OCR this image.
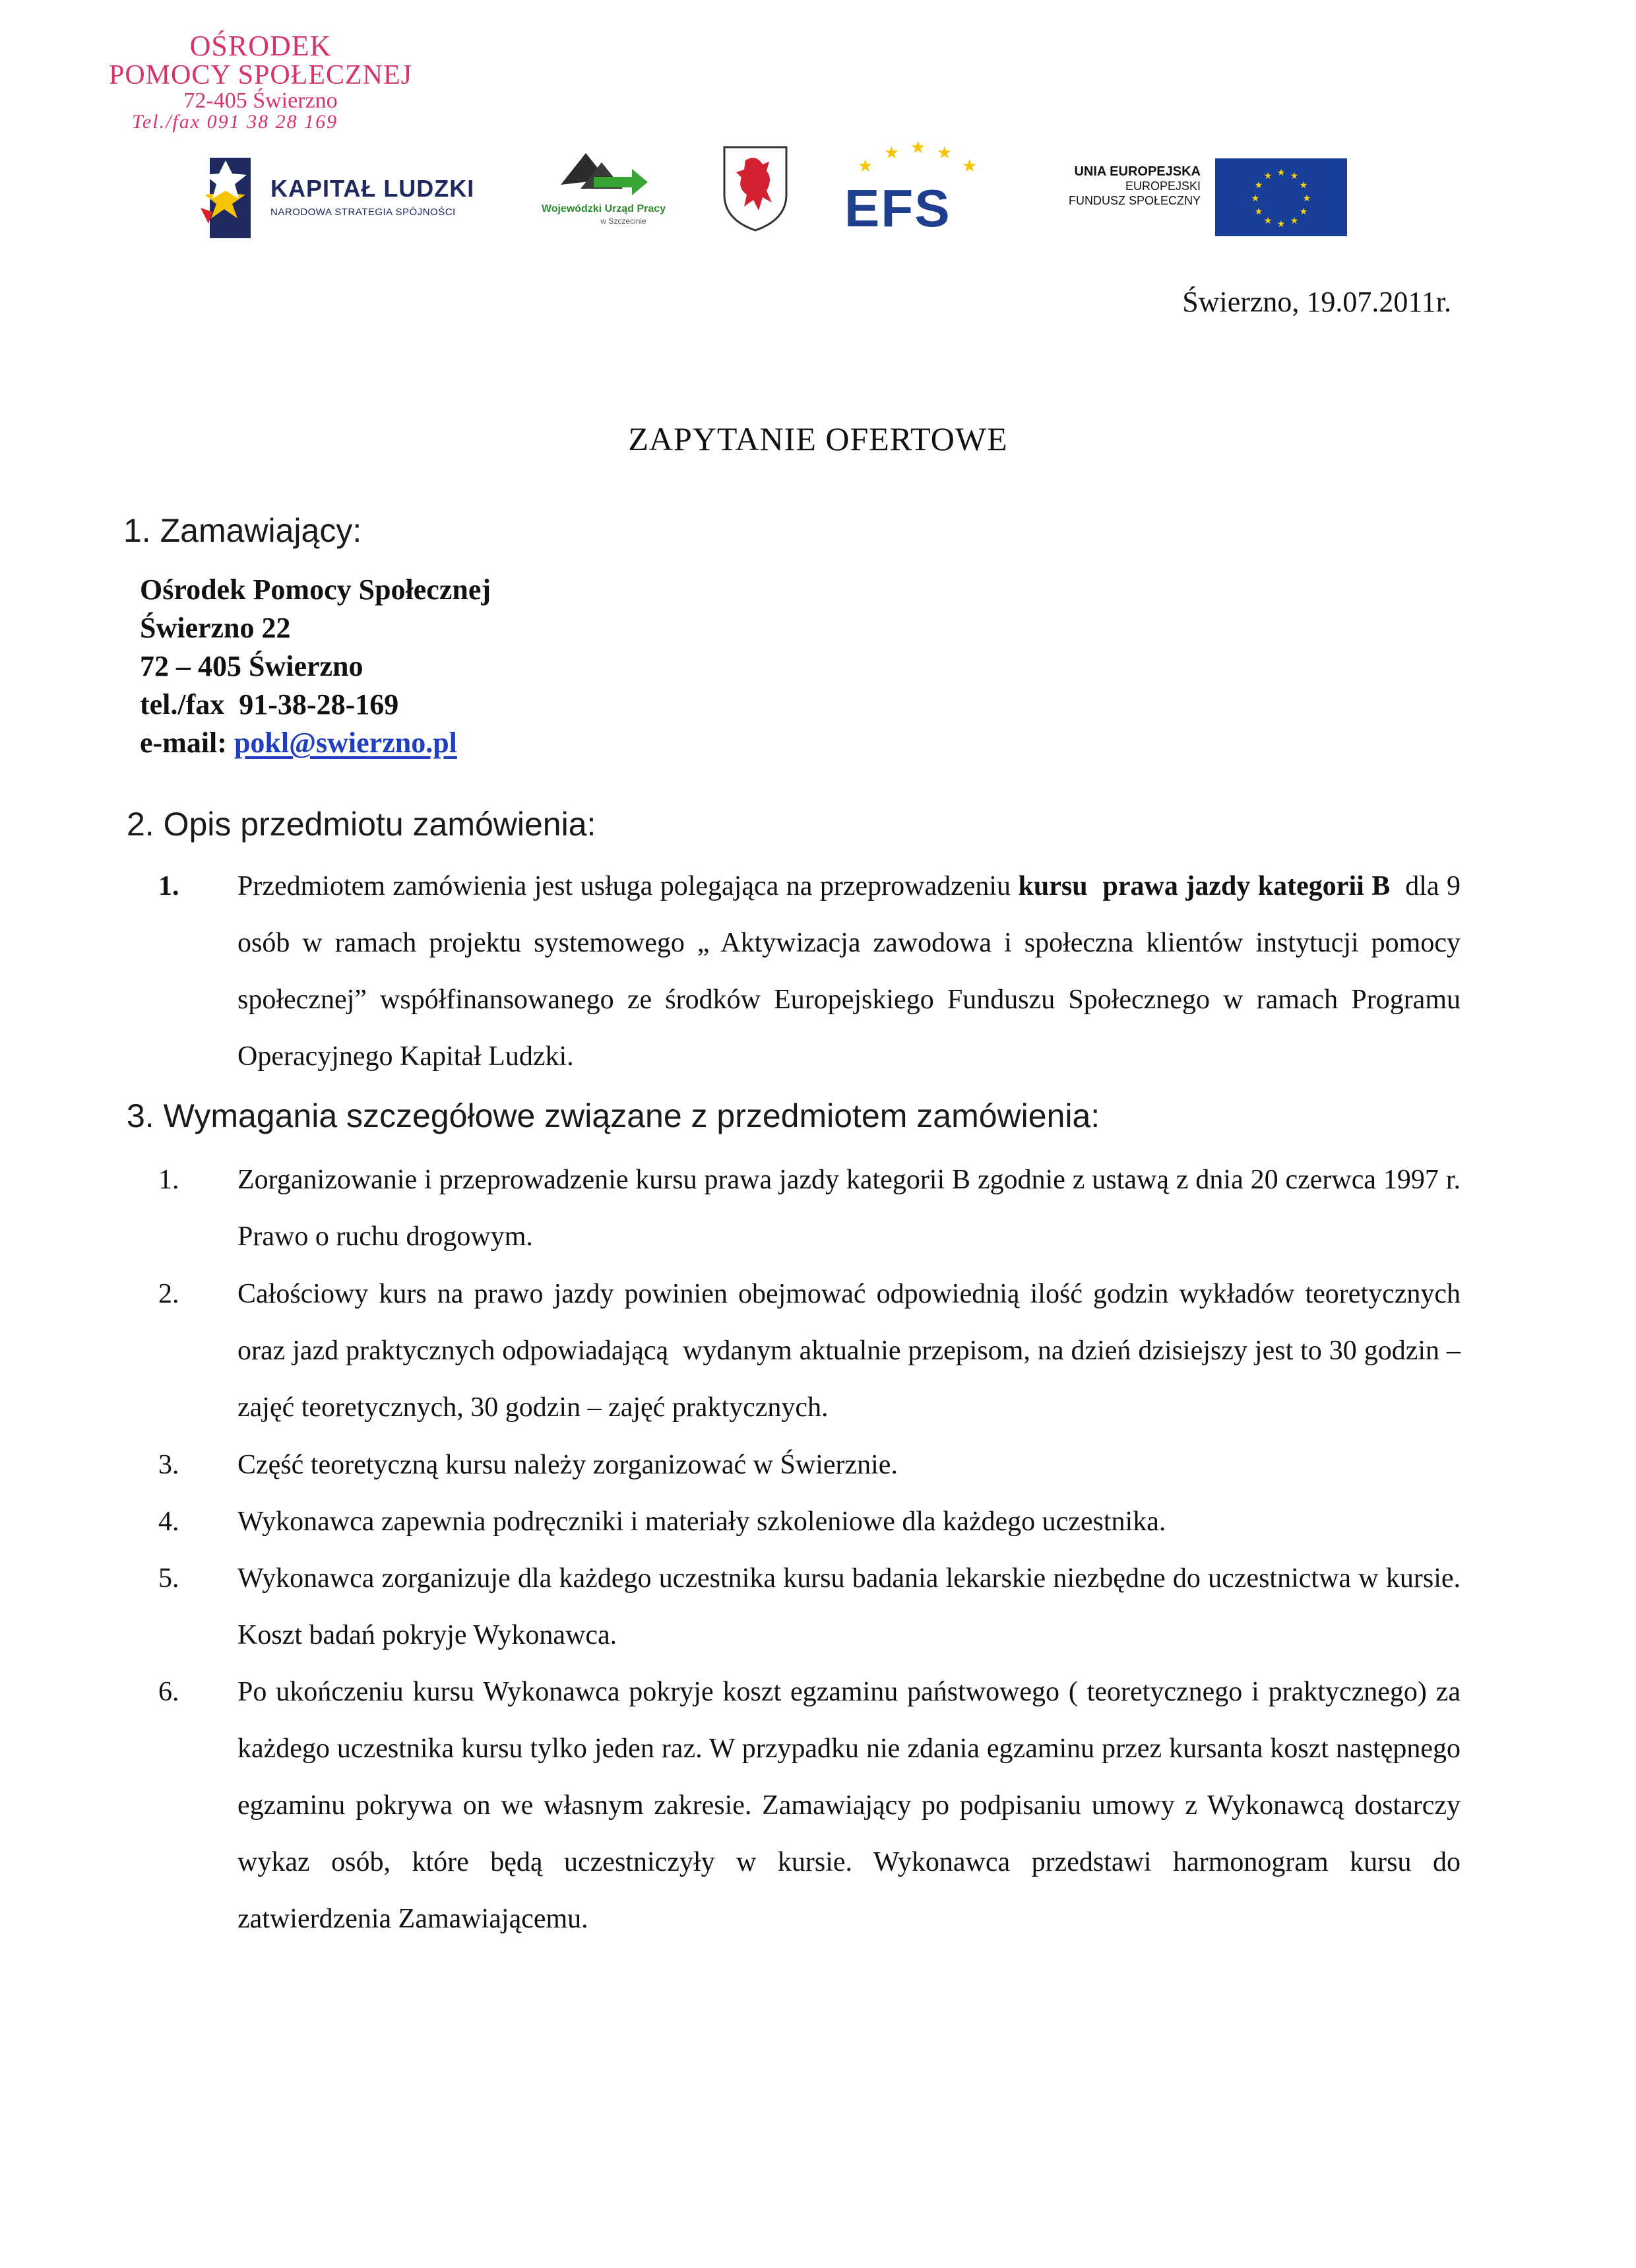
OŚRODEK
POMOCY SPOŁECZNEJ
72-405 Świerzno
Tel./fax 091 38 28 169
KAPITAŁ LUDZKI
NARODOWA STRATEGIA SPÓJNOŚCI	Wojewódzki Urząd Pracy
w Szczecinie
★
★ ★ ★
★
EFS
UNIA EUROPEJSKA
EUROPEJSKI
FUNDUSZ SPOŁECZNY
★ ★
★
★
★
★
★
★
★
★
★
★
Świerzno, 19.07.2011r.
ZAPYTANIE OFERTOWE
1. Zamawiający:
Ośrodek Pomocy Społecznej
Świerzno 22
72 – 405 Świerzno
tel./fax  91-38-28-169
e-mail: pokl@swierzno.pl
2. Opis przedmiotu zamówienia:
1.	Przedmiotem zamówienia jest usługa polegająca na przeprowadzeniu kursu  prawa jazdy kategorii B  dla 9 osób w ramach projektu systemowego „ Aktywizacja zawodowa i społeczna klientów instytucji pomocy społecznej” współfinansowanego ze środków Europejskiego Funduszu Społecznego w ramach Programu Operacyjnego Kapitał Ludzki.
3. Wymagania szczegółowe związane z przedmiotem zamówienia:
1.	Zorganizowanie i przeprowadzenie kursu prawa jazdy kategorii B zgodnie z ustawą z dnia 20 czerwca 1997 r. Prawo o ruchu drogowym.
2.	Całościowy kurs na prawo jazdy powinien obejmować odpowiednią ilość godzin wykładów teoretycznych oraz jazd praktycznych odpowiadającą  wydanym aktualnie przepisom, na dzień dzisiejszy jest to 30 godzin – zajęć teoretycznych, 30 godzin – zajęć praktycznych.
3.	Część teoretyczną kursu należy zorganizować w Świerznie.
4.	Wykonawca zapewnia podręczniki i materiały szkoleniowe dla każdego uczestnika.
5.	Wykonawca zorganizuje dla każdego uczestnika kursu badania lekarskie niezbędne do uczestnictwa w kursie. Koszt badań pokryje Wykonawca.
6.	Po ukończeniu kursu Wykonawca pokryje koszt egzaminu państwowego ( teoretycznego i praktycznego) za każdego uczestnika kursu tylko jeden raz. W przypadku nie zdania egzaminu przez kursanta koszt następnego egzaminu pokrywa on we własnym zakresie. Zamawiający po podpisaniu umowy z Wykonawcą dostarczy wykaz osób, które będą uczestniczyły w kursie. Wykonawca przedstawi harmonogram kursu do zatwierdzenia Zamawiającemu.
